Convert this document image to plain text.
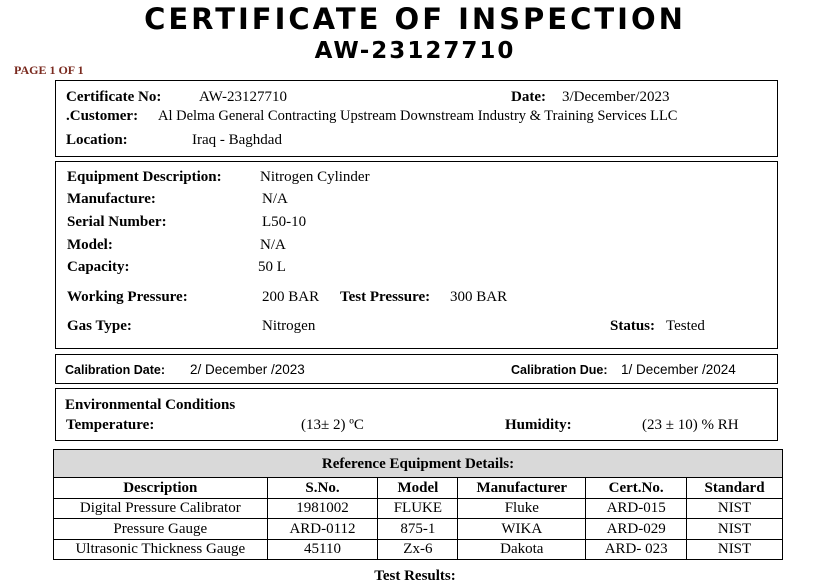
CERTIFICATE OF INSPECTION
AW-23127710
PAGE 1 OF 1
Certificate No:	AW-23127710	Date: 3/December/2023
.Customer: Al Delma General Contracting Upstream Downstream Industry & Training Services LLC
Location:	Iraq - Baghdad
Equipment Description:	Nitrogen Cylinder
Manufacture:	N/A
Serial Number:	L50-10
Model:	N/A
Capacity:	50 L
Working Pressure:	200 BAR Test Pressure: 300 BAR
Gas Type:	Nitrogen	Status: Tested
Calibration Date: 2/ December /2023	Calibration Due: 1/ December /2024
Environmental Conditions
Temperature:	(13± 2) ºC	Humidity:	(23 ± 10) % RH
Reference Equipment Details:					
Description	S.No.	Model	Manufacturer	Cert.No.	Standard
Digital Pressure Calibrator	1981002	FLUKE	Fluke	ARD-015	NIST
Pressure Gauge	ARD-0112	875-1	WIKA	ARD-029	NIST
Ultrasonic Thickness Gauge	45110	Zx-6	Dakota	ARD- 023	NIST
Test Results:
